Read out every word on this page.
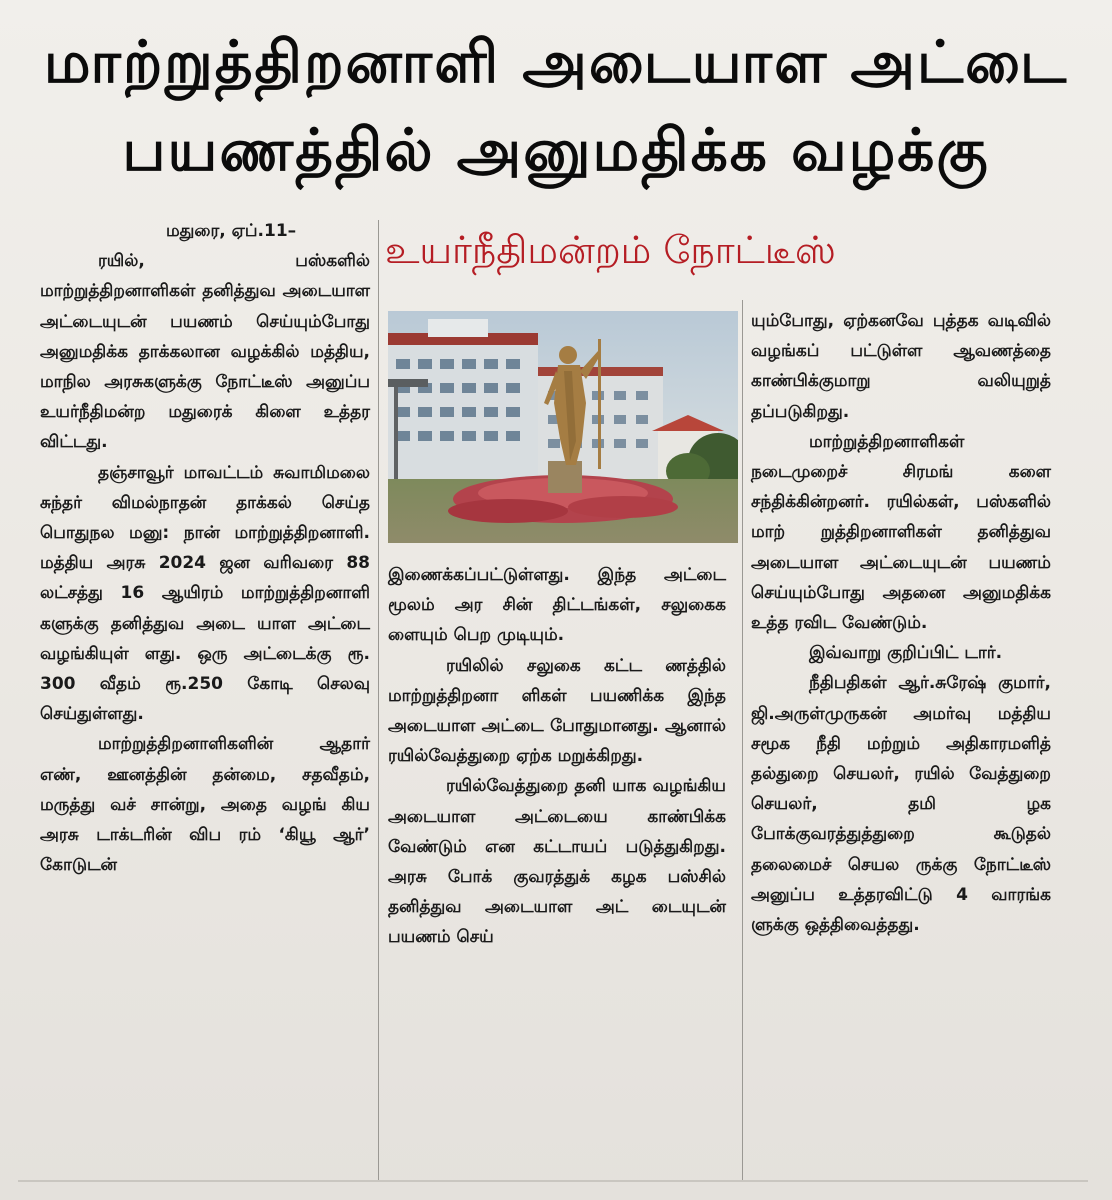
மாற்றுத்திறனாளி அடையாள அட்டை
பயணத்தில் அனுமதிக்க வழக்கு
உயர்நீதிமன்றம் நோட்டீஸ்

மதுரை, ஏப்.11–

ரயில், பஸ்களில் மாற்றுத்திறனாளிகள் தனித்துவ அடையாள அட்டையுடன் பயணம் செய்யும்போது அனுமதிக்க தாக்கலான வழக்கில் மத்திய, மாநில அரசுகளுக்கு நோட்டீஸ் அனுப்ப உயர்நீதிமன்ற மதுரைக் கிளை உத்தர விட்டது.

தஞ்சாவூர் மாவட்டம் சுவாமிமலை சுந்தர் விமல்நாதன் தாக்கல் செய்த பொதுநல மனு: நான் மாற்றுத்திறனாளி. மத்திய அரசு 2024 ஜன வரிவரை 88 லட்சத்து 16 ஆயிரம் மாற்றுத்திறனாளி களுக்கு தனித்துவ அடை யாள அட்டை வழங்கியுள் ளது. ஒரு அட்டைக்கு ரூ. 300 வீதம் ரூ.250 கோடி செலவு செய்துள்ளது.

மாற்றுத்திறனாளிகளின் ஆதார் எண், ஊனத்தின் தன்மை, சதவீதம், மருத்து வச் சான்று, அதை வழங் கிய அரசு டாக்டரின் விப ரம் ‘கியூ ஆர்’ கோடுடன்

இணைக்கப்பட்டுள்ளது. இந்த அட்டை மூலம் அர சின் திட்டங்கள், சலுகைக ளையும் பெற முடியும்.

ரயிலில் சலுகை கட்ட ணத்தில் மாற்றுத்திறனா ளிகள் பயணிக்க இந்த அடையாள அட்டை போதுமானது. ஆனால் ரயில்வேத்துறை ஏற்க மறுக்கிறது.

ரயில்வேத்துறை தனி யாக வழங்கிய அடையாள அட்டையை காண்பிக்க வேண்டும் என கட்டாயப் படுத்துகிறது. அரசு போக் குவரத்துக் கழக பஸ்சில் தனித்துவ அடையாள அட் டையுடன் பயணம் செய்

யும்போது, ஏற்கனவே புத்தக வடிவில் வழங்கப் பட்டுள்ள ஆவணத்தை காண்பிக்குமாறு வலியுறுத் தப்படுகிறது.

மாற்றுத்திறனாளிகள் நடைமுறைச் சிரமங் களை சந்திக்கின்றனர். ரயில்கள், பஸ்களில் மாற் றுத்திறனாளிகள் தனித்துவ அடையாள அட்டையுடன் பயணம் செய்யும்போது அதனை அனுமதிக்க உத்த ரவிட வேண்டும்.

இவ்வாறு குறிப்பிட் டார்.

நீதிபதிகள் ஆர்.சுரேஷ் குமார், ஜி.அருள்முருகன் அமர்வு மத்திய சமூக நீதி மற்றும் அதிகாரமளித் தல்துறை செயலர், ரயில் வேத்துறை செயலர், தமி ழக போக்குவரத்துத்துறை கூடுதல் தலைமைச் செயல ருக்கு நோட்டீஸ் அனுப்ப உத்தரவிட்டு 4 வாரங்க ளுக்கு ஒத்திவைத்தது.
